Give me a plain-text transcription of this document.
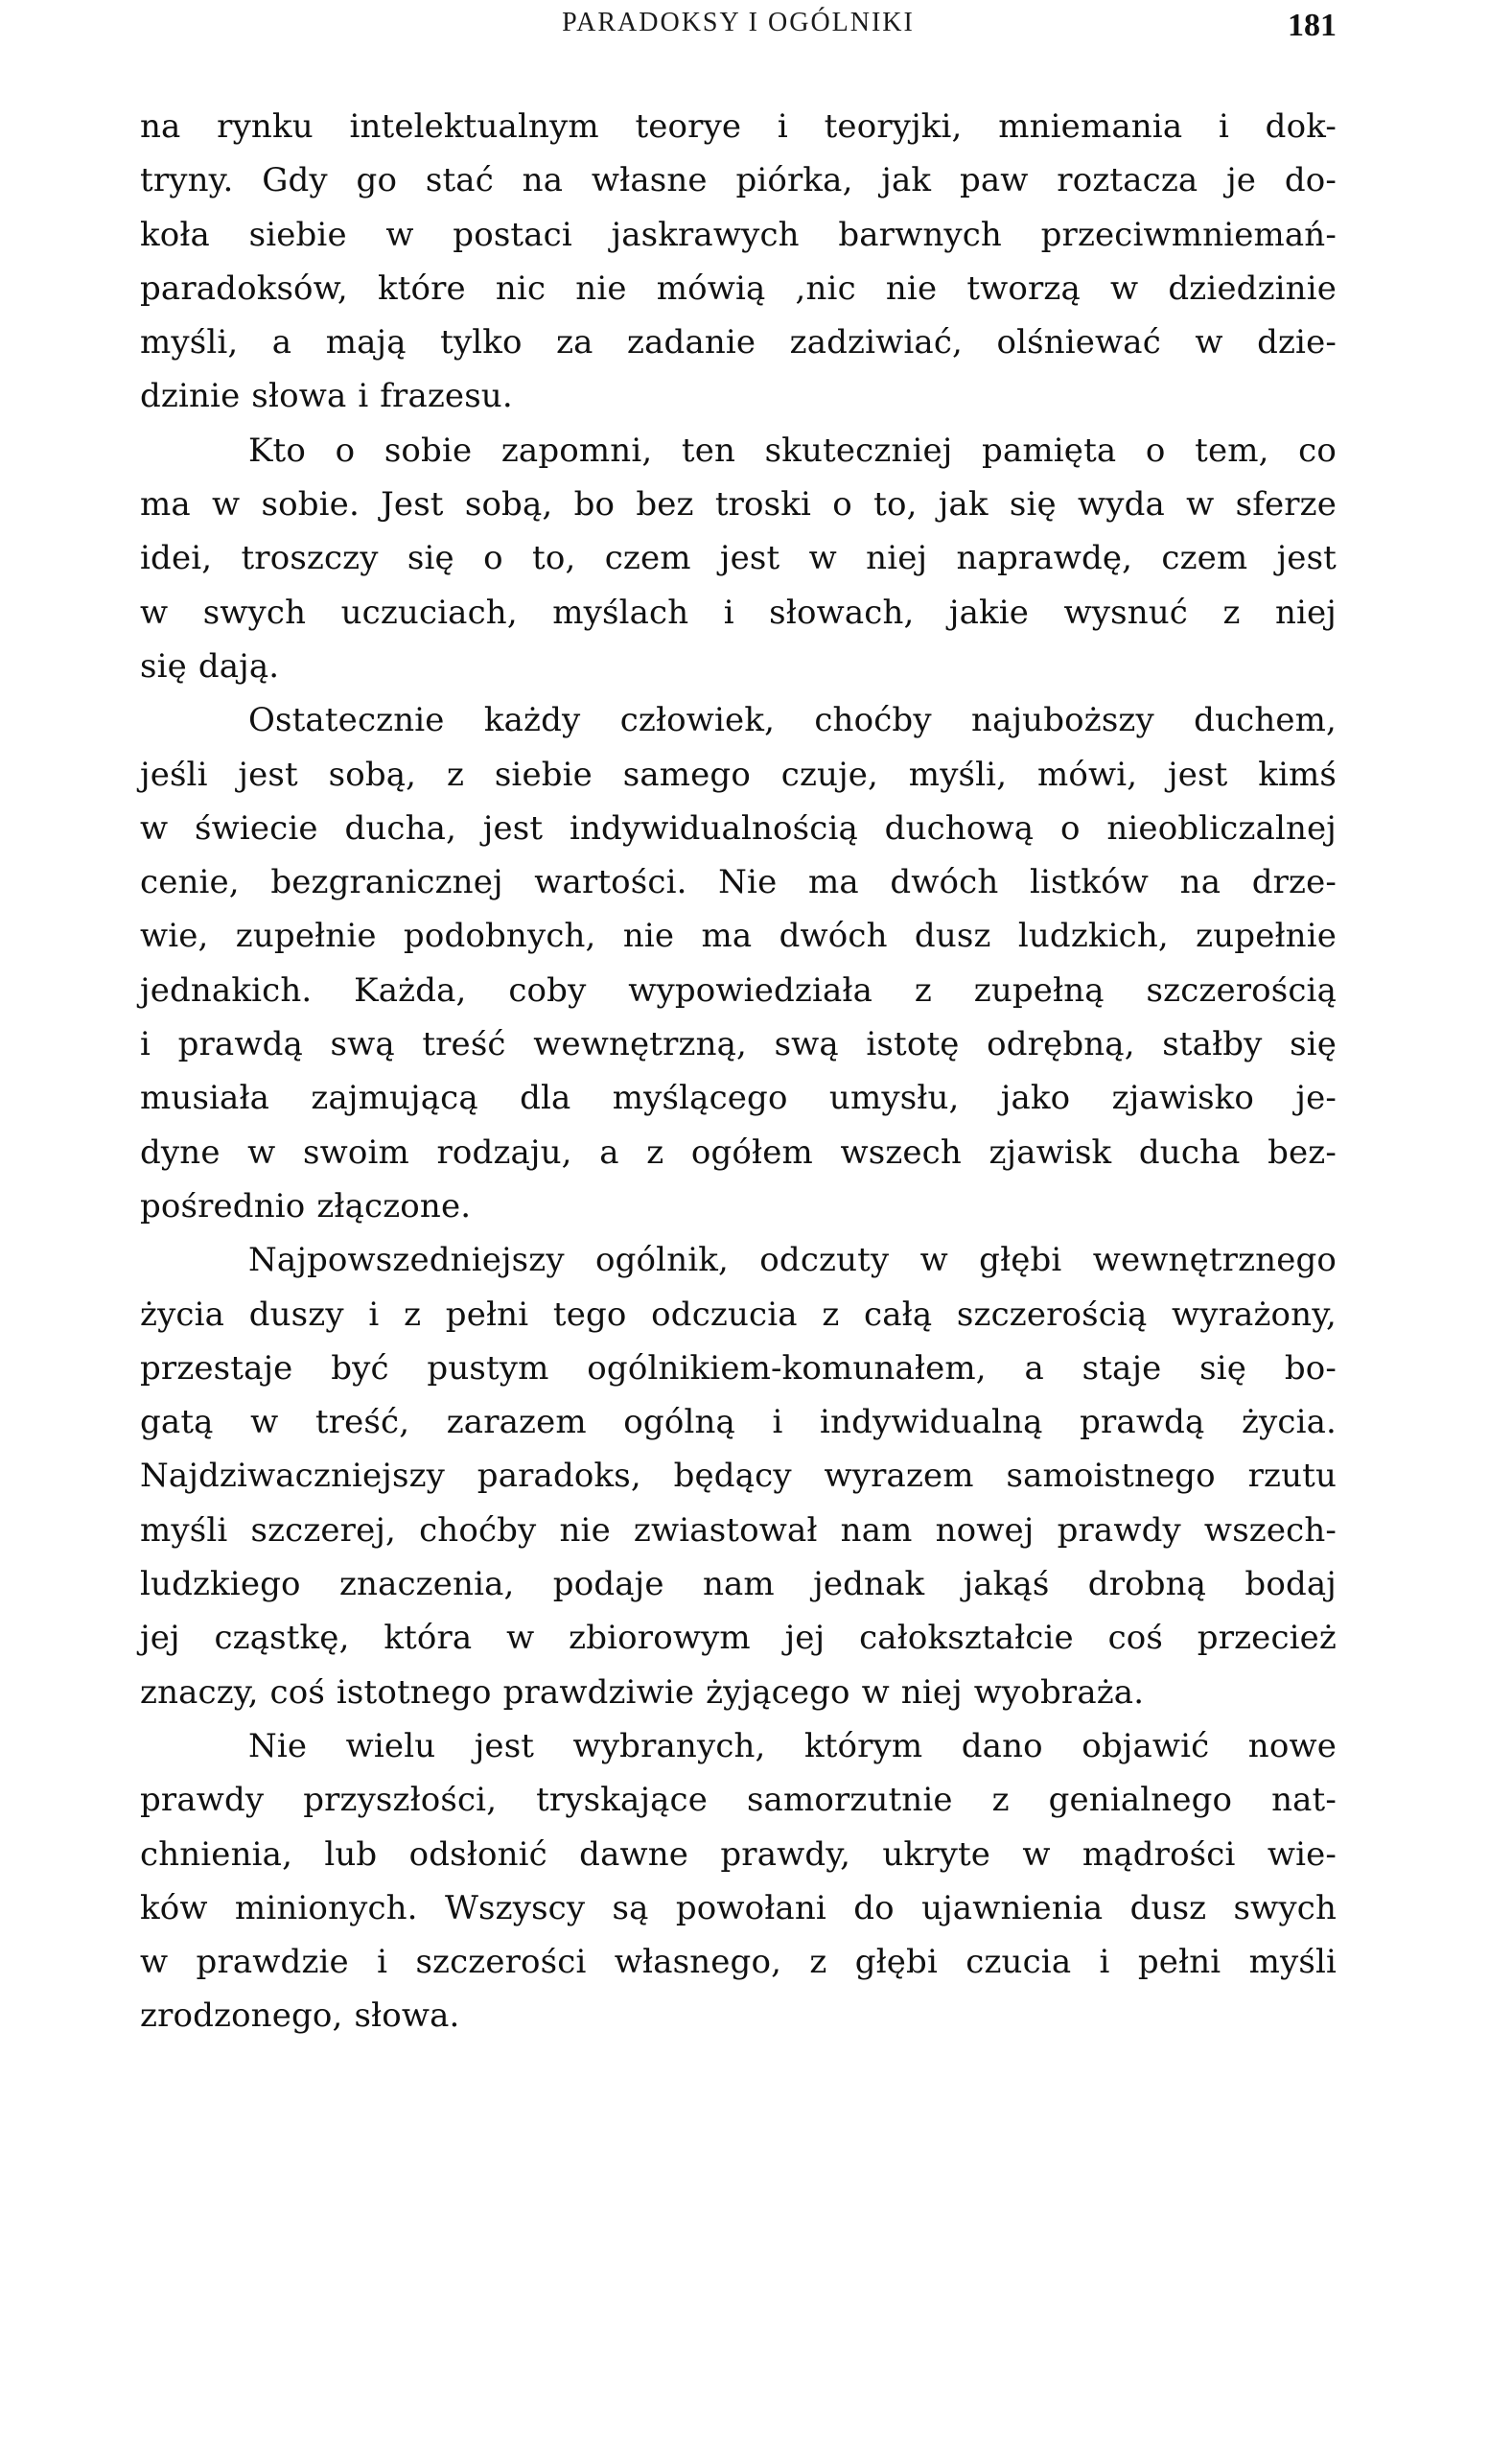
PARADOKSY I OGÓLNIKI	181
na rynku intelektualnym teorye i teoryjki, mniemania i dok-
tryny. Gdy go stać na własne piórka, jak paw roztacza je do-
koła siebie w postaci jaskrawych barwnych przeciwmniemań-
paradoksów, które nic nie mówią ,nic nie tworzą w dziedzinie
myśli, a mają tylko za zadanie zadziwiać, olśniewać w dzie-
dzinie słowa i frazesu.
Kto o sobie zapomni, ten skuteczniej pamięta o tem, co
ma w sobie. Jest sobą, bo bez troski o to, jak się wyda w sferze
idei, troszczy się o to, czem jest w niej naprawdę, czem jest
w swych uczuciach, myślach i słowach, jakie wysnuć z niej
się dają.
Ostatecznie każdy człowiek, choćby najuboższy duchem,
jeśli jest sobą, z siebie samego czuje, myśli, mówi, jest kimś
w świecie ducha, jest indywidualnością duchową o nieobliczalnej
cenie, bezgranicznej wartości. Nie ma dwóch listków na drze-
wie, zupełnie podobnych, nie ma dwóch dusz ludzkich, zupełnie
jednakich. Każda, coby wypowiedziała z zupełną szczerością
i prawdą swą treść wewnętrzną, swą istotę odrębną, stałby się
musiała zajmującą dla myślącego umysłu, jako zjawisko je-
dyne w swoim rodzaju, a z ogółem wszech zjawisk ducha bez-
pośrednio złączone.
Najpowszedniejszy ogólnik, odczuty w głębi wewnętrznego
życia duszy i z pełni tego odczucia z całą szczerością wyrażony,
przestaje być pustym ogólnikiem-komunałem, a staje się bo-
gatą w treść, zarazem ogólną i indywidualną prawdą życia.
Najdziwaczniejszy paradoks, będący wyrazem samoistnego rzutu
myśli szczerej, choćby nie zwiastował nam nowej prawdy wszech-
ludzkiego znaczenia, podaje nam jednak jakąś drobną bodaj
jej cząstkę, która w zbiorowym jej całokształcie coś przecież
znaczy, coś istotnego prawdziwie żyjącego w niej wyobraża.
Nie wielu jest wybranych, którym dano objawić nowe
prawdy przyszłości, tryskające samorzutnie z genialnego nat-
chnienia, lub odsłonić dawne prawdy, ukryte w mądrości wie-
ków minionych. Wszyscy są powołani do ujawnienia dusz swych
w prawdzie i szczerości własnego, z głębi czucia i pełni myśli
zrodzonego, słowa.
